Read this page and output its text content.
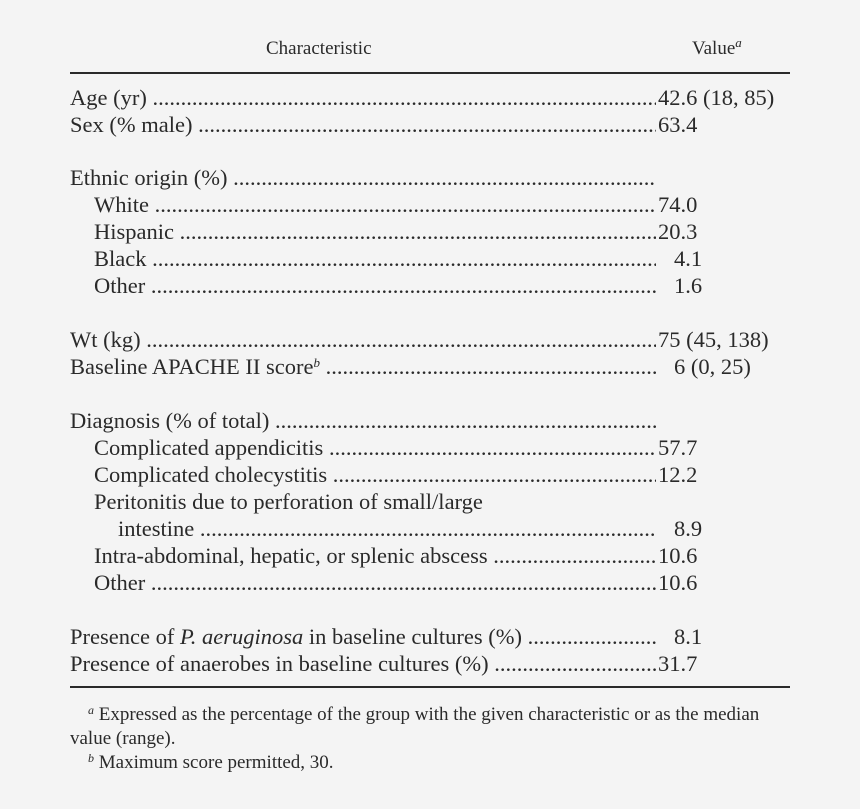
Characteristic	Value$^a$
Age (yr) .....	42.6 (18, 85)
Sex (% male) .....	63.4
Ethnic origin (%) .....
White .....	74.0
Hispanic .....	20.3
Black .....	4.1
Other .....	1.6
Wt (kg) .....	75 (45, 138)
Baseline APACHE II score$^b$ .....	6 (0, 25)
Diagnosis (% of total) .....
Complicated appendicitis .....	57.7
Complicated cholecystitis .....	12.2
Peritonitis due to perforation of small/large
intestine .....	8.9
Intra-abdominal, hepatic, or splenic abscess .....	10.6
Other .....	10.6
Presence of P. aeruginosa in baseline cultures (%) .....	8.1
Presence of anaerobes in baseline cultures (%) .....	31.7
$^a$ Expressed as the percentage of the group with the given characteristic or as the median value (range).
$^b$ Maximum score permitted, 30.
